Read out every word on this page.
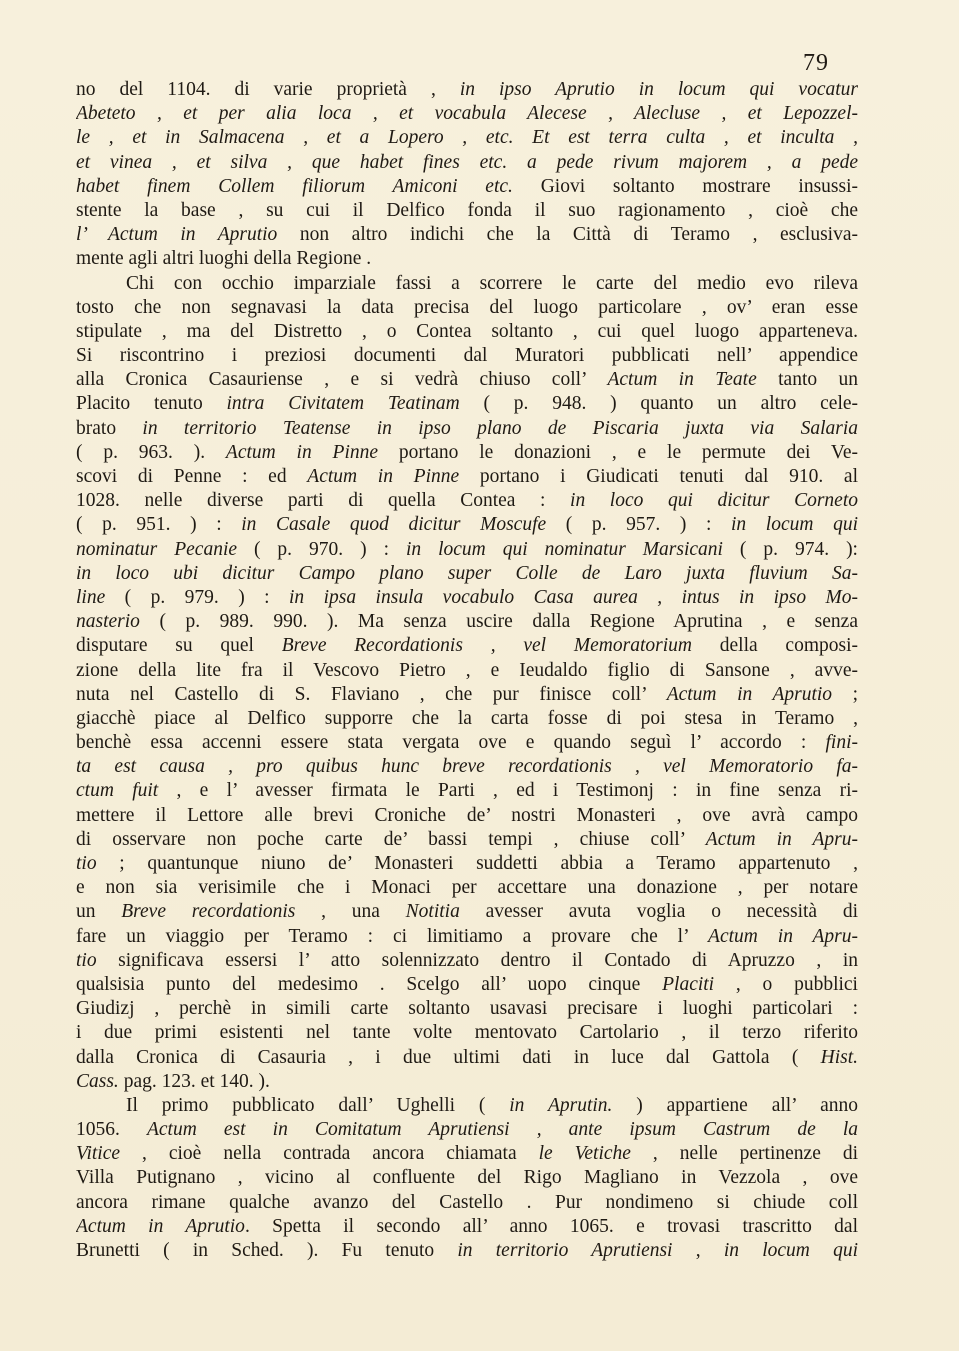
79
no del 1104. di varie proprietà , in ipso Aprutio in locum qui vocatur
Abeteto , et per alia loca , et vocabula Alecese , Alecluse , et Lepozzel-
le , et in Salmacena , et a Lopero , etc. Et est terra culta , et inculta ,
et vinea , et silva , que habet fines etc. a pede rivum majorem , a pede
habet finem Collem filiorum Amiconi etc. Giovi soltanto mostrare insussi-
stente la base , su cui il Delfico fonda il suo ragionamento , cioè che
l’ Actum in Aprutio non altro indichi che la Città di Teramo , esclusiva-
mente agli altri luoghi della Regione .
Chi con occhio imparziale fassi a scorrere le carte del medio evo rileva
tosto che non segnavasi la data precisa del luogo particolare , ov’ eran esse
stipulate , ma del Distretto , o Contea soltanto , cui quel luogo apparteneva.
Si riscontrino i preziosi documenti dal Muratori pubblicati nell’ appendice
alla Cronica Casauriense , e si vedrà chiuso coll’ Actum in Teate tanto un
Placito tenuto intra Civitatem Teatinam ( p. 948. ) quanto un altro cele-
brato in territorio Teatense in ipso plano de Piscaria juxta via Salaria
( p. 963. ). Actum in Pinne portano le donazioni , e le permute dei Ve-
scovi di Penne : ed Actum in Pinne portano i Giudicati tenuti dal 910. al
1028. nelle diverse parti di quella Contea : in loco qui dicitur Corneto
( p. 951. ) : in Casale quod dicitur Moscufe ( p. 957. ) : in locum qui
nominatur Pecanie ( p. 970. ) : in locum qui nominatur Marsicani ( p. 974. ):
in loco ubi dicitur Campo plano super Colle de Laro juxta fluvium Sa-
line ( p. 979. ) : in ipsa insula vocabulo Casa aurea , intus in ipso Mo-
nasterio ( p. 989. 990. ). Ma senza uscire dalla Regione Aprutina , e senza
disputare su quel Breve Recordationis , vel Memoratorium della composi-
zione della lite fra il Vescovo Pietro , e Ieudaldo figlio di Sansone , avve-
nuta nel Castello di S. Flaviano , che pur finisce coll’ Actum in Aprutio ;
giacchè piace al Delfico supporre che la carta fosse di poi stesa in Teramo ,
benchè essa accenni essere stata vergata ove e quando seguì l’ accordo : fini-
ta est causa , pro quibus hunc breve recordationis , vel Memoratorio fa-
ctum fuit , e l’ avesser firmata le Parti , ed i Testimonj : in fine senza ri-
mettere il Lettore alle brevi Croniche de’ nostri Monasteri , ove avrà campo
di osservare non poche carte de’ bassi tempi , chiuse coll’ Actum in Apru-
tio ; quantunque niuno de’ Monasteri suddetti abbia a Teramo appartenuto ,
e non sia verisimile che i Monaci per accettare una donazione , per notare
un Breve recordationis , una Notitia avesser avuta voglia o necessità di
fare un viaggio per Teramo : ci limitiamo a provare che l’ Actum in Apru-
tio significava essersi l’ atto solennizzato dentro il Contado di Apruzzo , in
qualsisia punto del medesimo . Scelgo all’ uopo cinque Placiti , o pubblici
Giudizj , perchè in simili carte soltanto usavasi precisare i luoghi particolari :
i due primi esistenti nel tante volte mentovato Cartolario , il terzo riferito
dalla Cronica di Casauria , i due ultimi dati in luce dal Gattola ( Hist.
Cass. pag. 123. et 140. ).
Il primo pubblicato dall’ Ughelli ( in Aprutin. ) appartiene all’ anno
1056. Actum est in Comitatum Aprutiensi , ante ipsum Castrum de la
Vitice , cioè nella contrada ancora chiamata le Vetiche , nelle pertinenze di
Villa Putignano , vicino al confluente del Rigo Magliano in Vezzola , ove
ancora rimane qualche avanzo del Castello . Pur nondimeno si chiude coll
Actum in Aprutio. Spetta il secondo all’ anno 1065. e trovasi trascritto dal
Brunetti ( in Sched. ). Fu tenuto in territorio Aprutiensi , in locum qui
